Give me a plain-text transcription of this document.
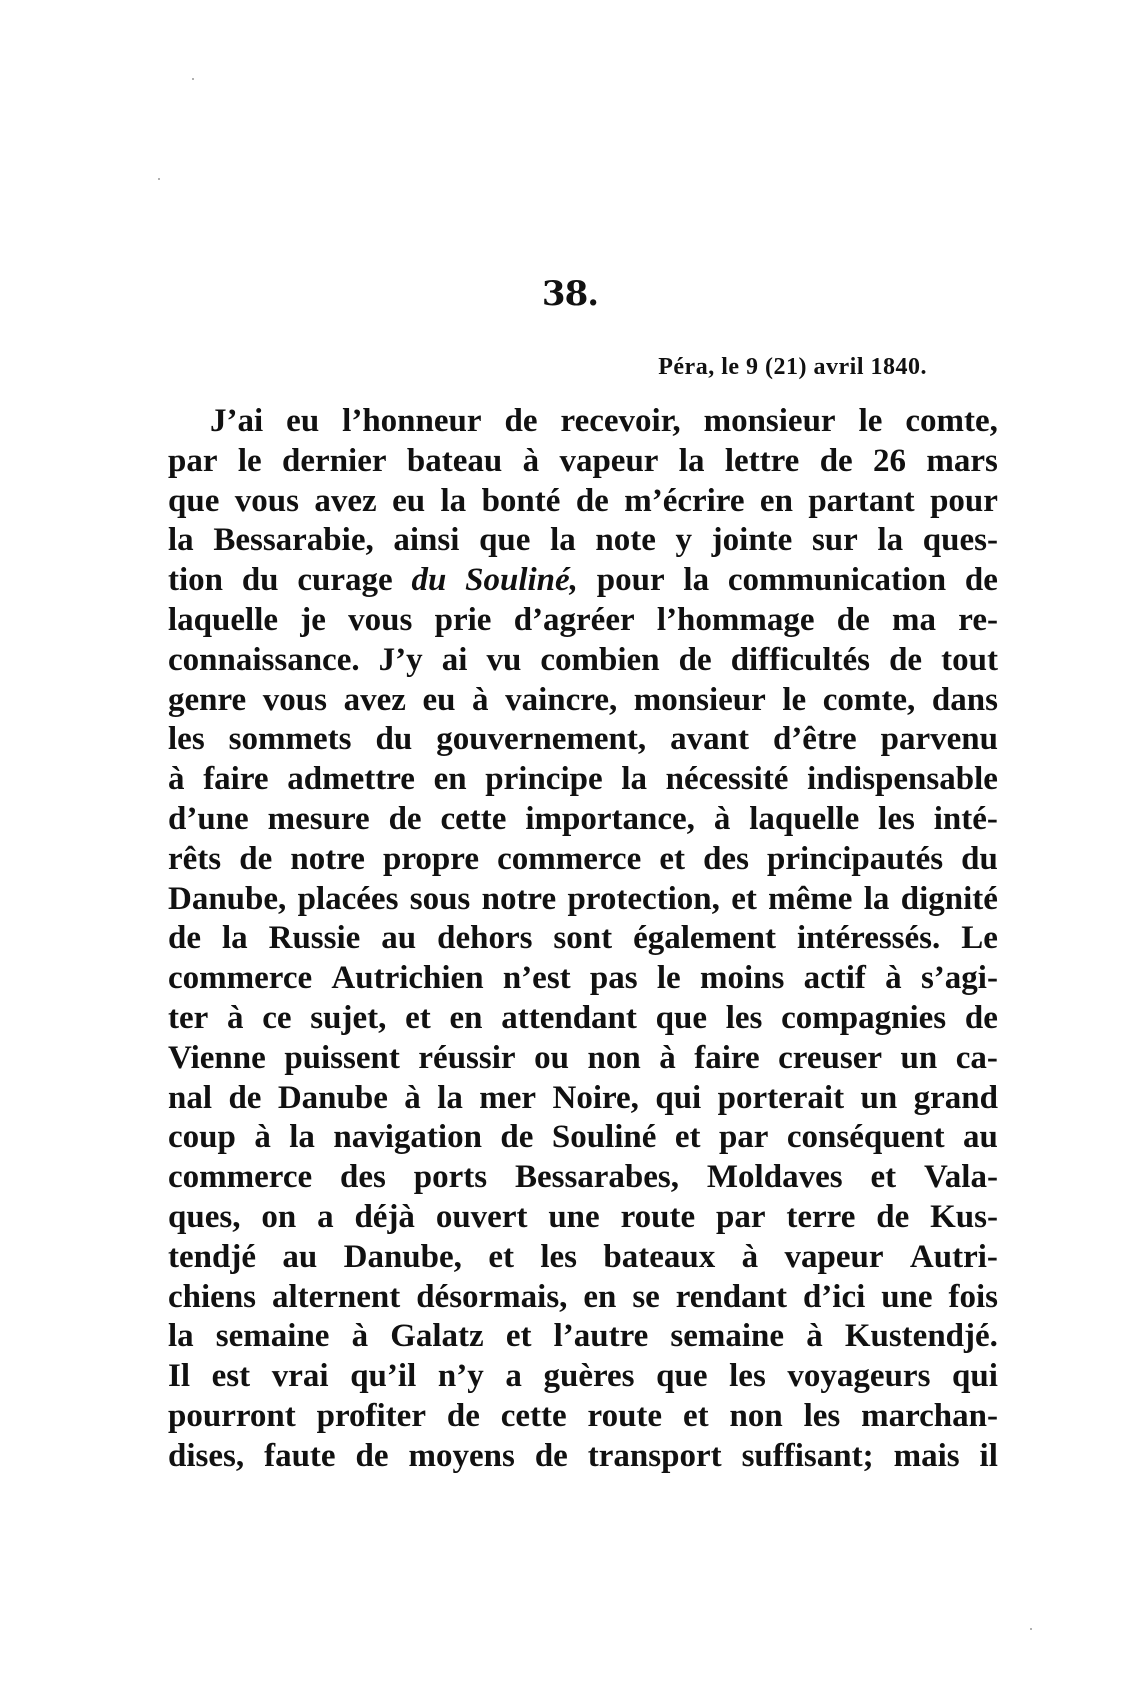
38.
Péra, le 9 (21) avril 1840.
J’ai eu l’honneur de recevoir, monsieur le comte,
par le dernier bateau à vapeur la lettre de 26 mars
que vous avez eu la bonté de m’écrire en partant pour
la Bessarabie, ainsi que la note y jointe sur la ques-
tion du curage du Souliné, pour la communication de
laquelle je vous prie d’agréer l’hommage de ma re-
connaissance. J’y ai vu combien de difficultés de tout
genre vous avez eu à vaincre, monsieur le comte, dans
les sommets du gouvernement, avant d’être parvenu
à faire admettre en principe la nécessité indispensable
d’une mesure de cette importance, à laquelle les inté-
rêts de notre propre commerce et des principautés du
Danube, placées sous notre protection, et même la dignité
de la Russie au dehors sont également intéressés. Le
commerce Autrichien n’est pas le moins actif à s’agi-
ter à ce sujet, et en attendant que les compagnies de
Vienne puissent réussir ou non à faire creuser un ca-
nal de Danube à la mer Noire, qui porterait un grand
coup à la navigation de Souliné et par conséquent au
commerce des ports Bessarabes, Moldaves et Vala-
ques, on a déjà ouvert une route par terre de Kus-
tendjé au Danube, et les bateaux à vapeur Autri-
chiens alternent désormais, en se rendant d’ici une fois
la semaine à Galatz et l’autre semaine à Kustendjé.
Il est vrai qu’il n’y a guères que les voyageurs qui
pourront profiter de cette route et non les marchan-
dises, faute de moyens de transport suffisant; mais il
